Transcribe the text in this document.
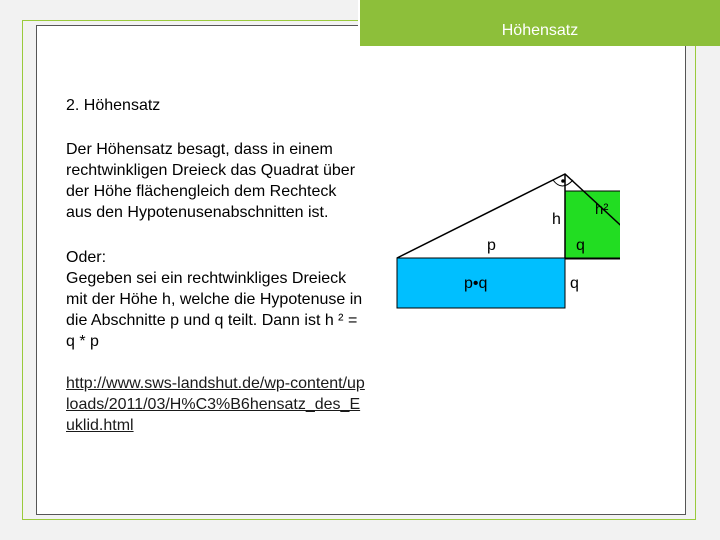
Höhensatz

2. Höhensatz

Der Höhensatz besagt, dass in einem rechtwinkligen Dreieck das Quadrat über der Höhe flächengleich dem Rechteck aus den Hypotenusenabschnitten ist.

Oder:

Gegeben sei ein rechtwinkliges Dreieck mit der Höhe h, welche die Hypotenuse in die Abschnitte p und q teilt. Dann ist h ² = q * p

http://www.sws-landshut.de/wp-content/uploads/2011/03/H%C3%B6hensatz_des_Euklid.html

h²
h
p	q
p•q	q
